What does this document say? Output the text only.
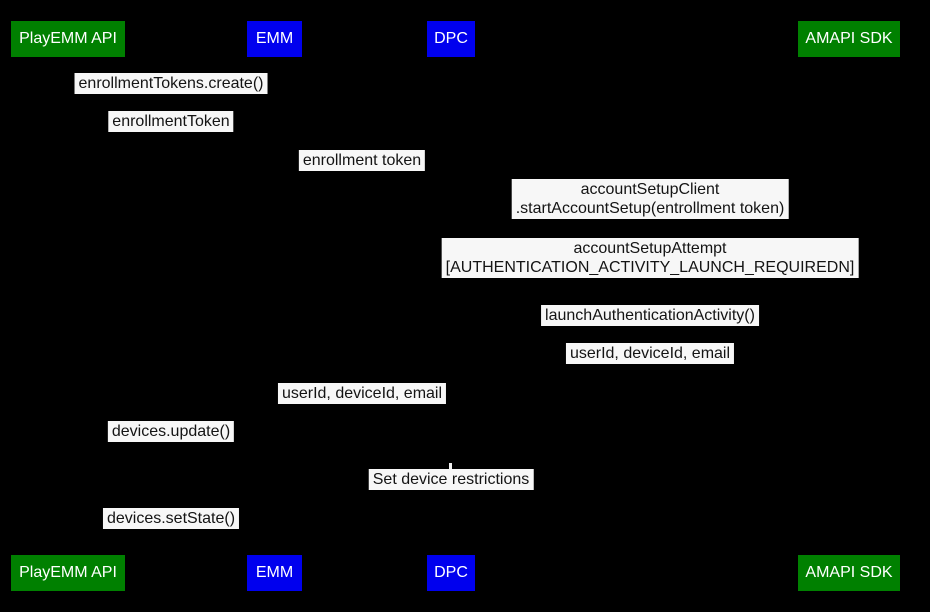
PlayEMM API	EMM	DPC	AMAPI SDK
PlayEMM API	EMM	DPC	AMAPI SDK
enrollmentTokens.create()
enrollmentToken
enrollment token
accountSetupClient
.startAccountSetup(entrollment token)
accountSetupAttempt
[AUTHENTICATION_ACTIVITY_LAUNCH_REQUIREDN]
launchAuthenticationActivity()
userId, deviceId, email
userId, deviceId, email
devices.update()
Set device restrictions
devices.setState()
